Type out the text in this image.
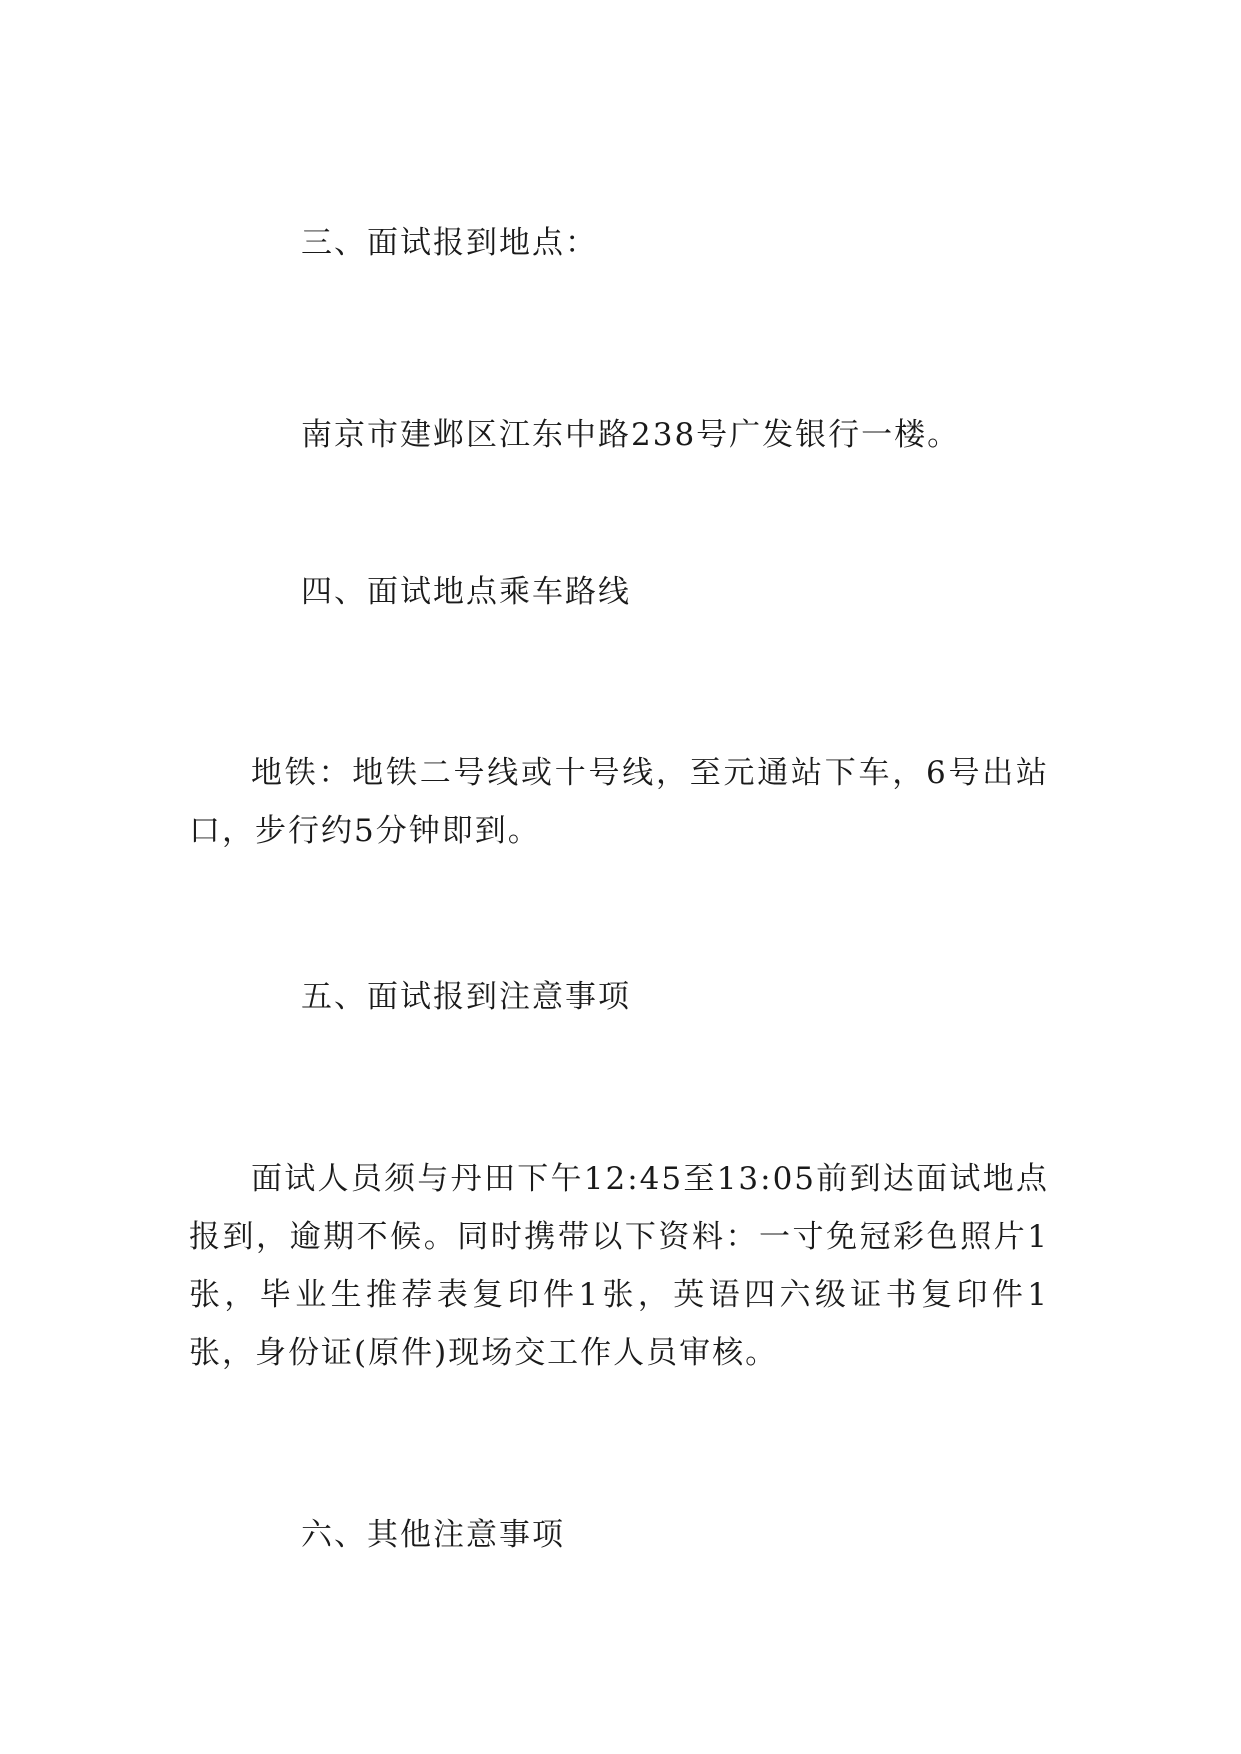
三、面试报到地点：
南京市建邺区江东中路238号广发银行一楼。
四、面试地点乘车路线
地铁：地铁二号线或十号线，至元通站下车，6号出站口，步行约5分钟即到。
五、面试报到注意事项
面试人员须与丹田下午12:45至13:05前到达面试地点报到，逾期不候。同时携带以下资料：一寸免冠彩色照片1张，毕业生推荐表复印件1张，英语四六级证书复印件1张，身份证(原件)现场交工作人员审核。
六、其他注意事项
